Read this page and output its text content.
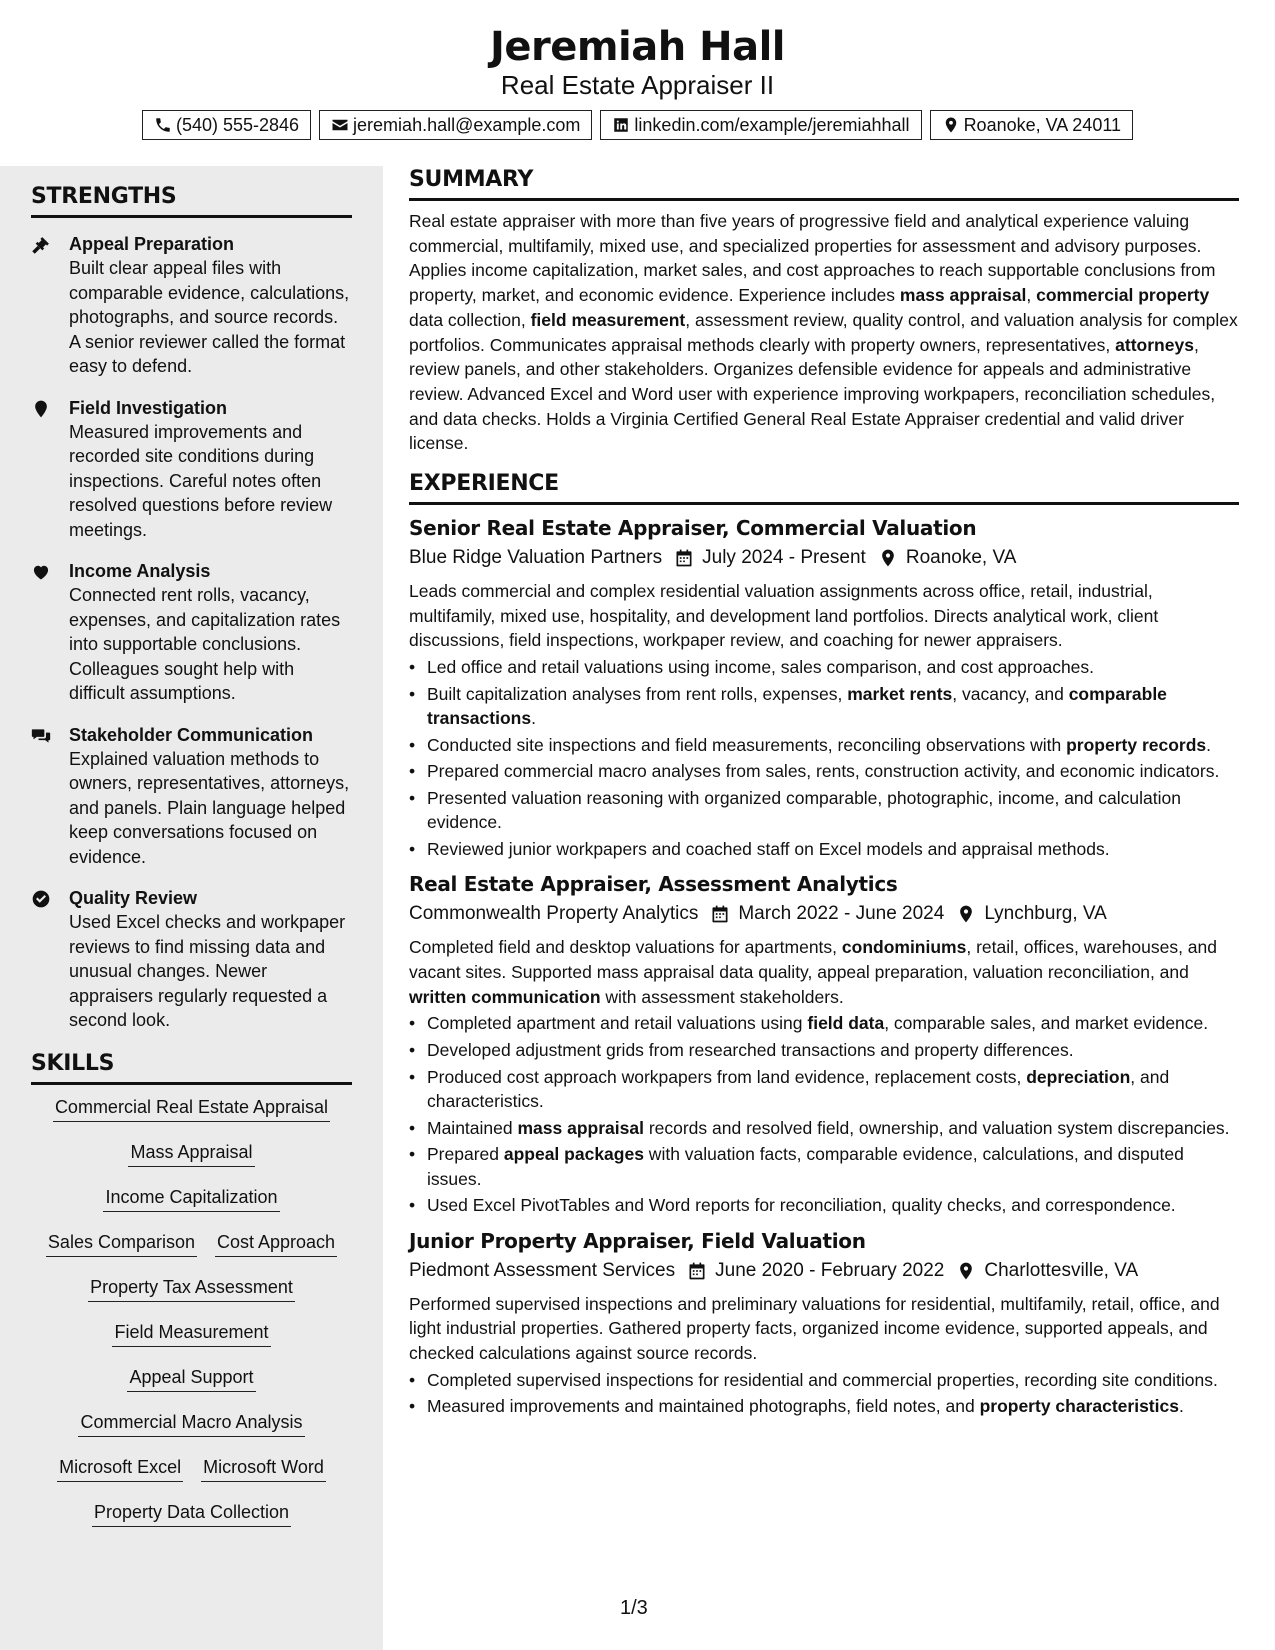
Jeremiah Hall
Real Estate Appraiser II
(540) 555-2846	jeremiah.hall@example.com	linkedin.com/example/jeremiahhall	Roanoke, VA 24011
STRENGTHS
Appeal Preparation
Built clear appeal files with comparable evidence, calculations, photographs, and source records. A senior reviewer called the format easy to defend.
Field Investigation
Measured improvements and recorded site conditions during inspections. Careful notes often resolved questions before review meetings.
Income Analysis
Connected rent rolls, vacancy, expenses, and capitalization rates into supportable conclusions. Colleagues sought help with difficult assumptions.
Stakeholder Communication
Explained valuation methods to owners, representatives, attorneys, and panels. Plain language helped keep conversations focused on evidence.
Quality Review
Used Excel checks and workpaper reviews to find missing data and unusual changes. Newer appraisers regularly requested a second look.
SKILLS
Commercial Real Estate Appraisal
Mass Appraisal
Income Capitalization
Sales Comparison Cost Approach
Property Tax Assessment
Field Measurement
Appeal Support
Commercial Macro Analysis
Microsoft Excel Microsoft Word
Property Data Collection
SUMMARY
Real estate appraiser with more than five years of progressive field and analytical experience valuing commercial, multifamily, mixed use, and specialized properties for assessment and advisory purposes. Applies income capitalization, market sales, and cost approaches to reach supportable conclusions from property, market, and economic evidence. Experience includes mass appraisal, commercial property data collection, field measurement, assessment review, quality control, and valuation analysis for complex portfolios. Communicates appraisal methods clearly with property owners, representatives, attorneys, review panels, and other stakeholders. Organizes defensible evidence for appeals and administrative review. Advanced Excel and Word user with experience improving workpapers, reconciliation schedules, and data checks. Holds a Virginia Certified General Real Estate Appraiser credential and valid driver license.
EXPERIENCE
Senior Real Estate Appraiser, Commercial Valuation
Blue Ridge Valuation Partners July 2024 - Present Roanoke, VA
Leads commercial and complex residential valuation assignments across office, retail, industrial, multifamily, mixed use, hospitality, and development land portfolios. Directs analytical work, client discussions, field inspections, workpaper review, and coaching for newer appraisers.
• Led office and retail valuations using income, sales comparison, and cost approaches.
• Built capitalization analyses from rent rolls, expenses, market rents, vacancy, and comparable transactions.
• Conducted site inspections and field measurements, reconciling observations with property records.
• Prepared commercial macro analyses from sales, rents, construction activity, and economic indicators.
• Presented valuation reasoning with organized comparable, photographic, income, and calculation evidence.
• Reviewed junior workpapers and coached staff on Excel models and appraisal methods.
Real Estate Appraiser, Assessment Analytics
Commonwealth Property Analytics March 2022 - June 2024 Lynchburg, VA
Completed field and desktop valuations for apartments, condominiums, retail, offices, warehouses, and vacant sites. Supported mass appraisal data quality, appeal preparation, valuation reconciliation, and written communication with assessment stakeholders.
• Completed apartment and retail valuations using field data, comparable sales, and market evidence.
• Developed adjustment grids from researched transactions and property differences.
• Produced cost approach workpapers from land evidence, replacement costs, depreciation, and characteristics.
• Maintained mass appraisal records and resolved field, ownership, and valuation system discrepancies.
• Prepared appeal packages with valuation facts, comparable evidence, calculations, and disputed issues.
• Used Excel PivotTables and Word reports for reconciliation, quality checks, and correspondence.
Junior Property Appraiser, Field Valuation
Piedmont Assessment Services June 2020 - February 2022 Charlottesville, VA
Performed supervised inspections and preliminary valuations for residential, multifamily, retail, office, and light industrial properties. Gathered property facts, organized income evidence, supported appeals, and checked calculations against source records.
• Completed supervised inspections for residential and commercial properties, recording site conditions.
• Measured improvements and maintained photographs, field notes, and property characteristics.
1/3
